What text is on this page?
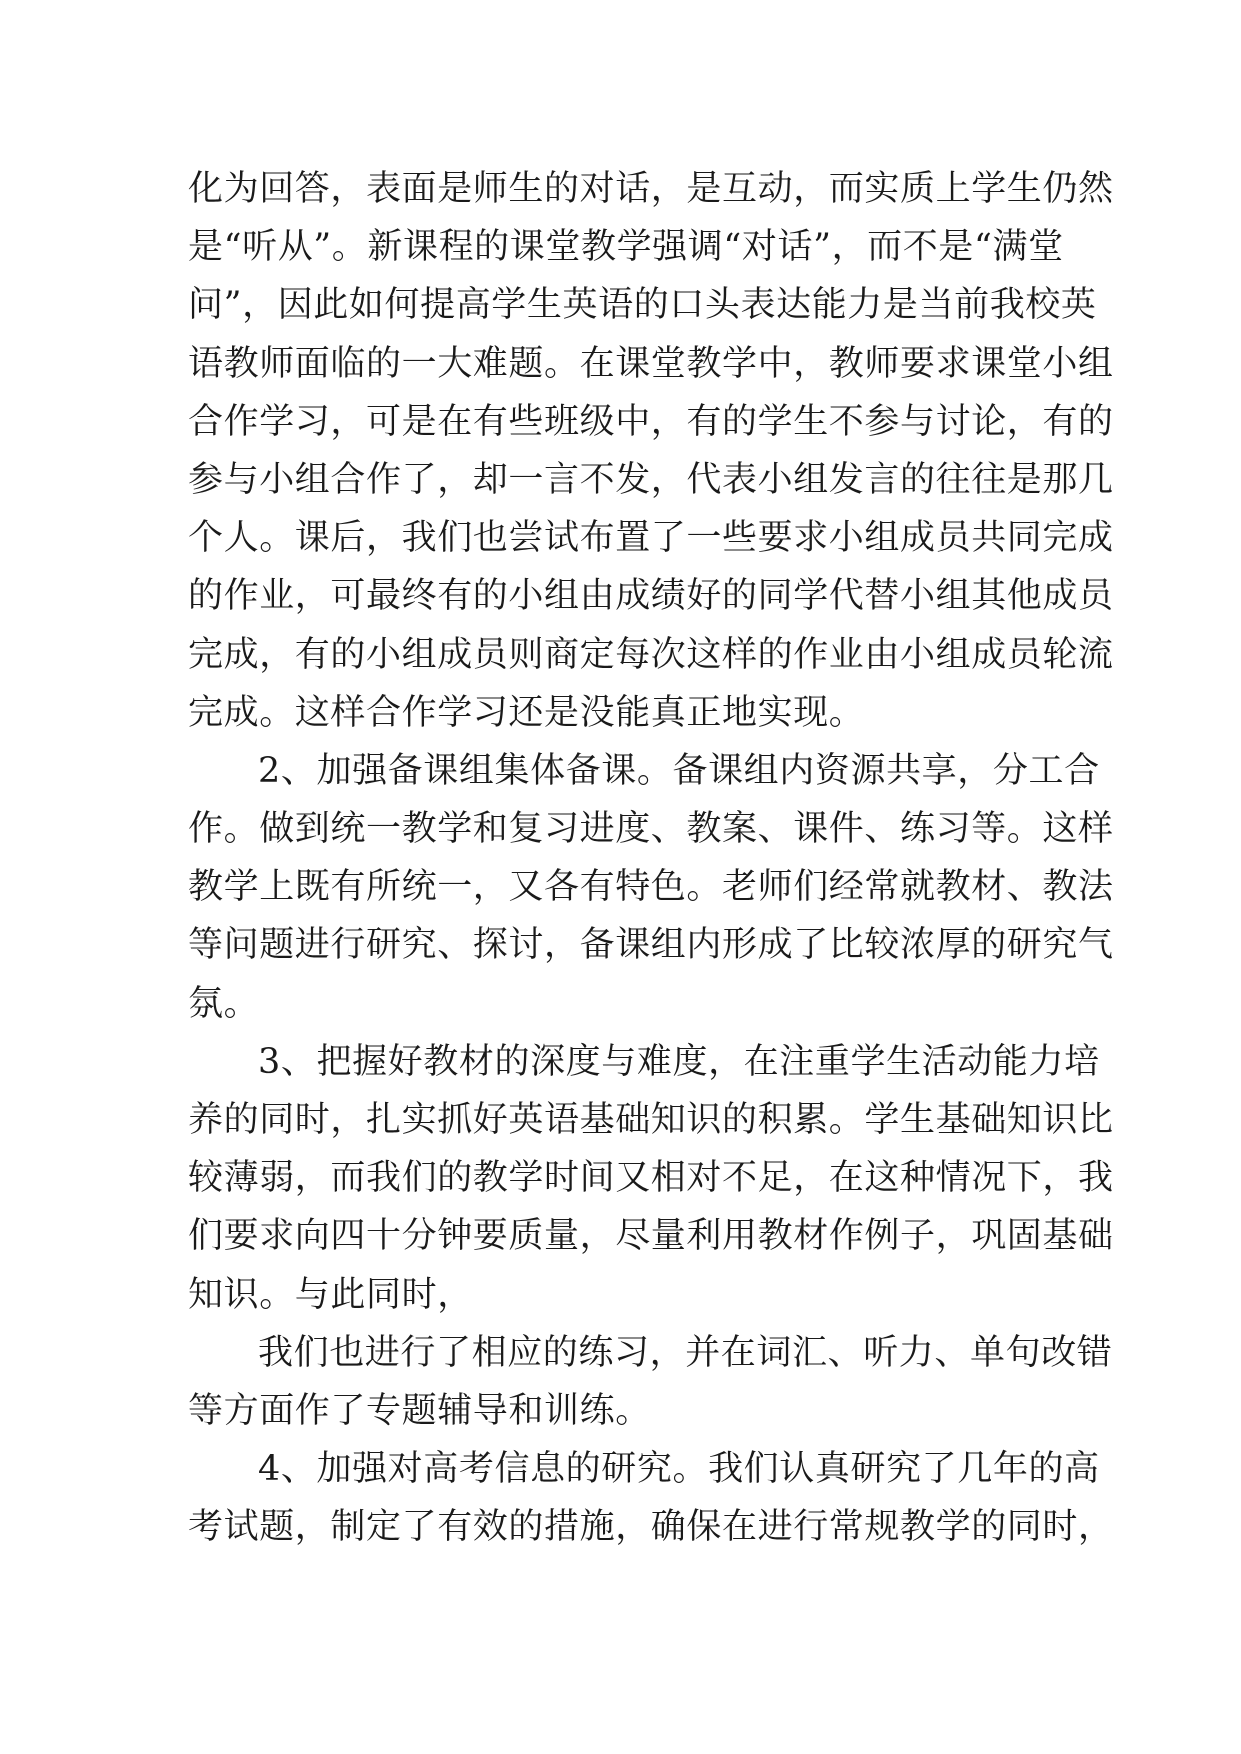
化为回答，表面是师生的对话，是互动，而实质上学生仍然
是“听从”。新课程的课堂教学强调“对话”，而不是“满堂
问”，因此如何提高学生英语的口头表达能力是当前我校英
语教师面临的一大难题。在课堂教学中，教师要求课堂小组
合作学习，可是在有些班级中，有的学生不参与讨论，有的
参与小组合作了，却一言不发，代表小组发言的往往是那几
个人。课后，我们也尝试布置了一些要求小组成员共同完成
的作业，可最终有的小组由成绩好的同学代替小组其他成员
完成，有的小组成员则商定每次这样的作业由小组成员轮流
完成。这样合作学习还是没能真正地实现。
2、加强备课组集体备课。备课组内资源共享，分工合
作。做到统一教学和复习进度、教案、课件、练习等。这样
教学上既有所统一，又各有特色。老师们经常就教材、教法
等问题进行研究、探讨，备课组内形成了比较浓厚的研究气
氛。
3、把握好教材的深度与难度，在注重学生活动能力培
养的同时，扎实抓好英语基础知识的积累。学生基础知识比
较薄弱，而我们的教学时间又相对不足，在这种情况下，我
们要求向四十分钟要质量，尽量利用教材作例子，巩固基础
知识。与此同时，
我们也进行了相应的练习，并在词汇、听力、单句改错
等方面作了专题辅导和训练。
4、加强对高考信息的研究。我们认真研究了几年的高
考试题，制定了有效的措施，确保在进行常规教学的同时，
